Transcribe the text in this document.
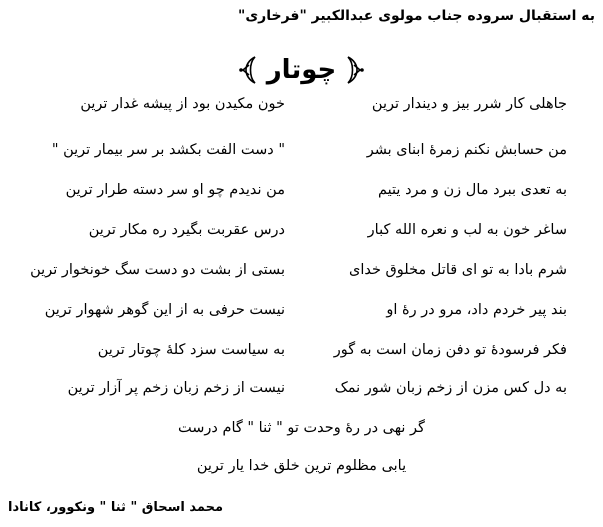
به استقبال سروده جناب مولوی عبدالکبیر "فرخاری"
چوتار
جاهلی کار شرر بیز و دیندار ترین
خون مکیدن بود از پیشه غدار ترین
من حسابش نکنم زمرۀ ابنای بشر
" دست الفت بکشد بر سر بیمار ترین "
به تعدی ببرد مال زن و مرد یتیم
من ندیدم چو او سر دسته طرار ترین
ساغر خون به لب و نعره الله کبار
درس عقربت بگیرد ره مکار ترین
شرم بادا به تو ای قاتل مخلوق خدای
بستی از بشت دو دست سگ خونخوار ترین
بند پیر خردم داد، مرو در رۀ او
نیست حرفی به از این گوهر شهوار ترین
فکر فرسودۀ تو دفن زمان است به گور
به سیاست سزد کلۀ چوتار ترین
به دل کس مزن از زخم زبان شور نمک
نیست از زخم زبان زخم پر آزار ترین
گر نهی در رۀ وحدت تو " ثنا " گام درست
یابی مظلوم ترین خلق خدا یار ترین
محمد اسحاق " ثنا " ونکوور، کانادا
